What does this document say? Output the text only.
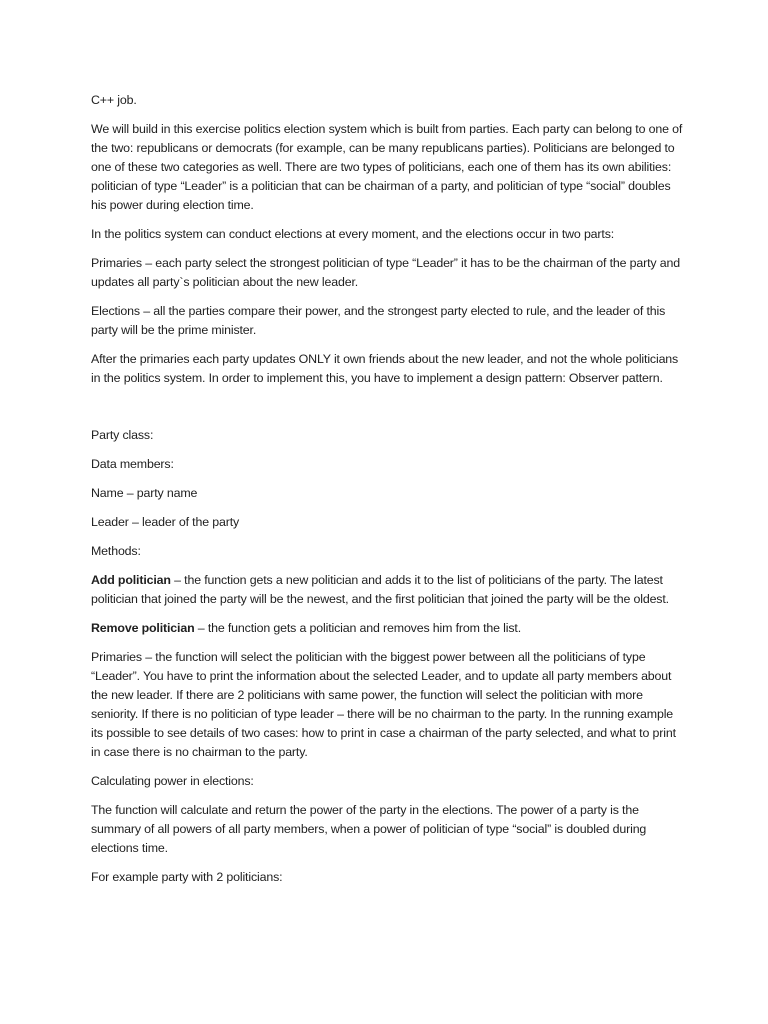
C++ job.

We will build in this exercise politics election system which is built from parties. Each party can belong to one of the two: republicans or democrats (for example, can be many republicans parties). Politicians are belonged to one of these two categories as well. There are two types of politicians, each one of them has its own abilities: politician of type “Leader” is a politician that can be chairman of a party, and politician of type “social” doubles his power during election time.

In the politics system can conduct elections at every moment, and the elections occur in two parts:

Primaries – each party select the strongest politician of type “Leader” it has to be the chairman of the party and updates all party`s politician about the new leader.

Elections – all the parties compare their power, and the strongest party elected to rule, and the leader of this party will be the prime minister.

After the primaries each party updates ONLY it own friends about the new leader, and not the whole politicians in the politics system. In order to implement this, you have to implement a design pattern: Observer pattern.

Party class:

Data members:

Name – party name

Leader – leader of the party

Methods:

Add politician – the function gets a new politician and adds it to the list of politicians of the party. The latest politician that joined the party will be the newest, and the first politician that joined the party will be the oldest.

Remove politician – the function gets a politician and removes him from the list.

Primaries – the function will select the politician with the biggest power between all the politicians of type “Leader”. You have to print the information about the selected Leader, and to update all party members about the new leader. If there are 2 politicians with same power, the function will select the politician with more seniority. If there is no politician of type leader – there will be no chairman to the party. In the running example its possible to see details of two cases: how to print in case a chairman of the party selected, and what to print in case there is no chairman to the party.

Calculating power in elections:

The function will calculate and return the power of the party in the elections. The power of a party is the summary of all powers of all party members, when a power of politician of type “social” is doubled during elections time.

For example party with 2 politicians:
